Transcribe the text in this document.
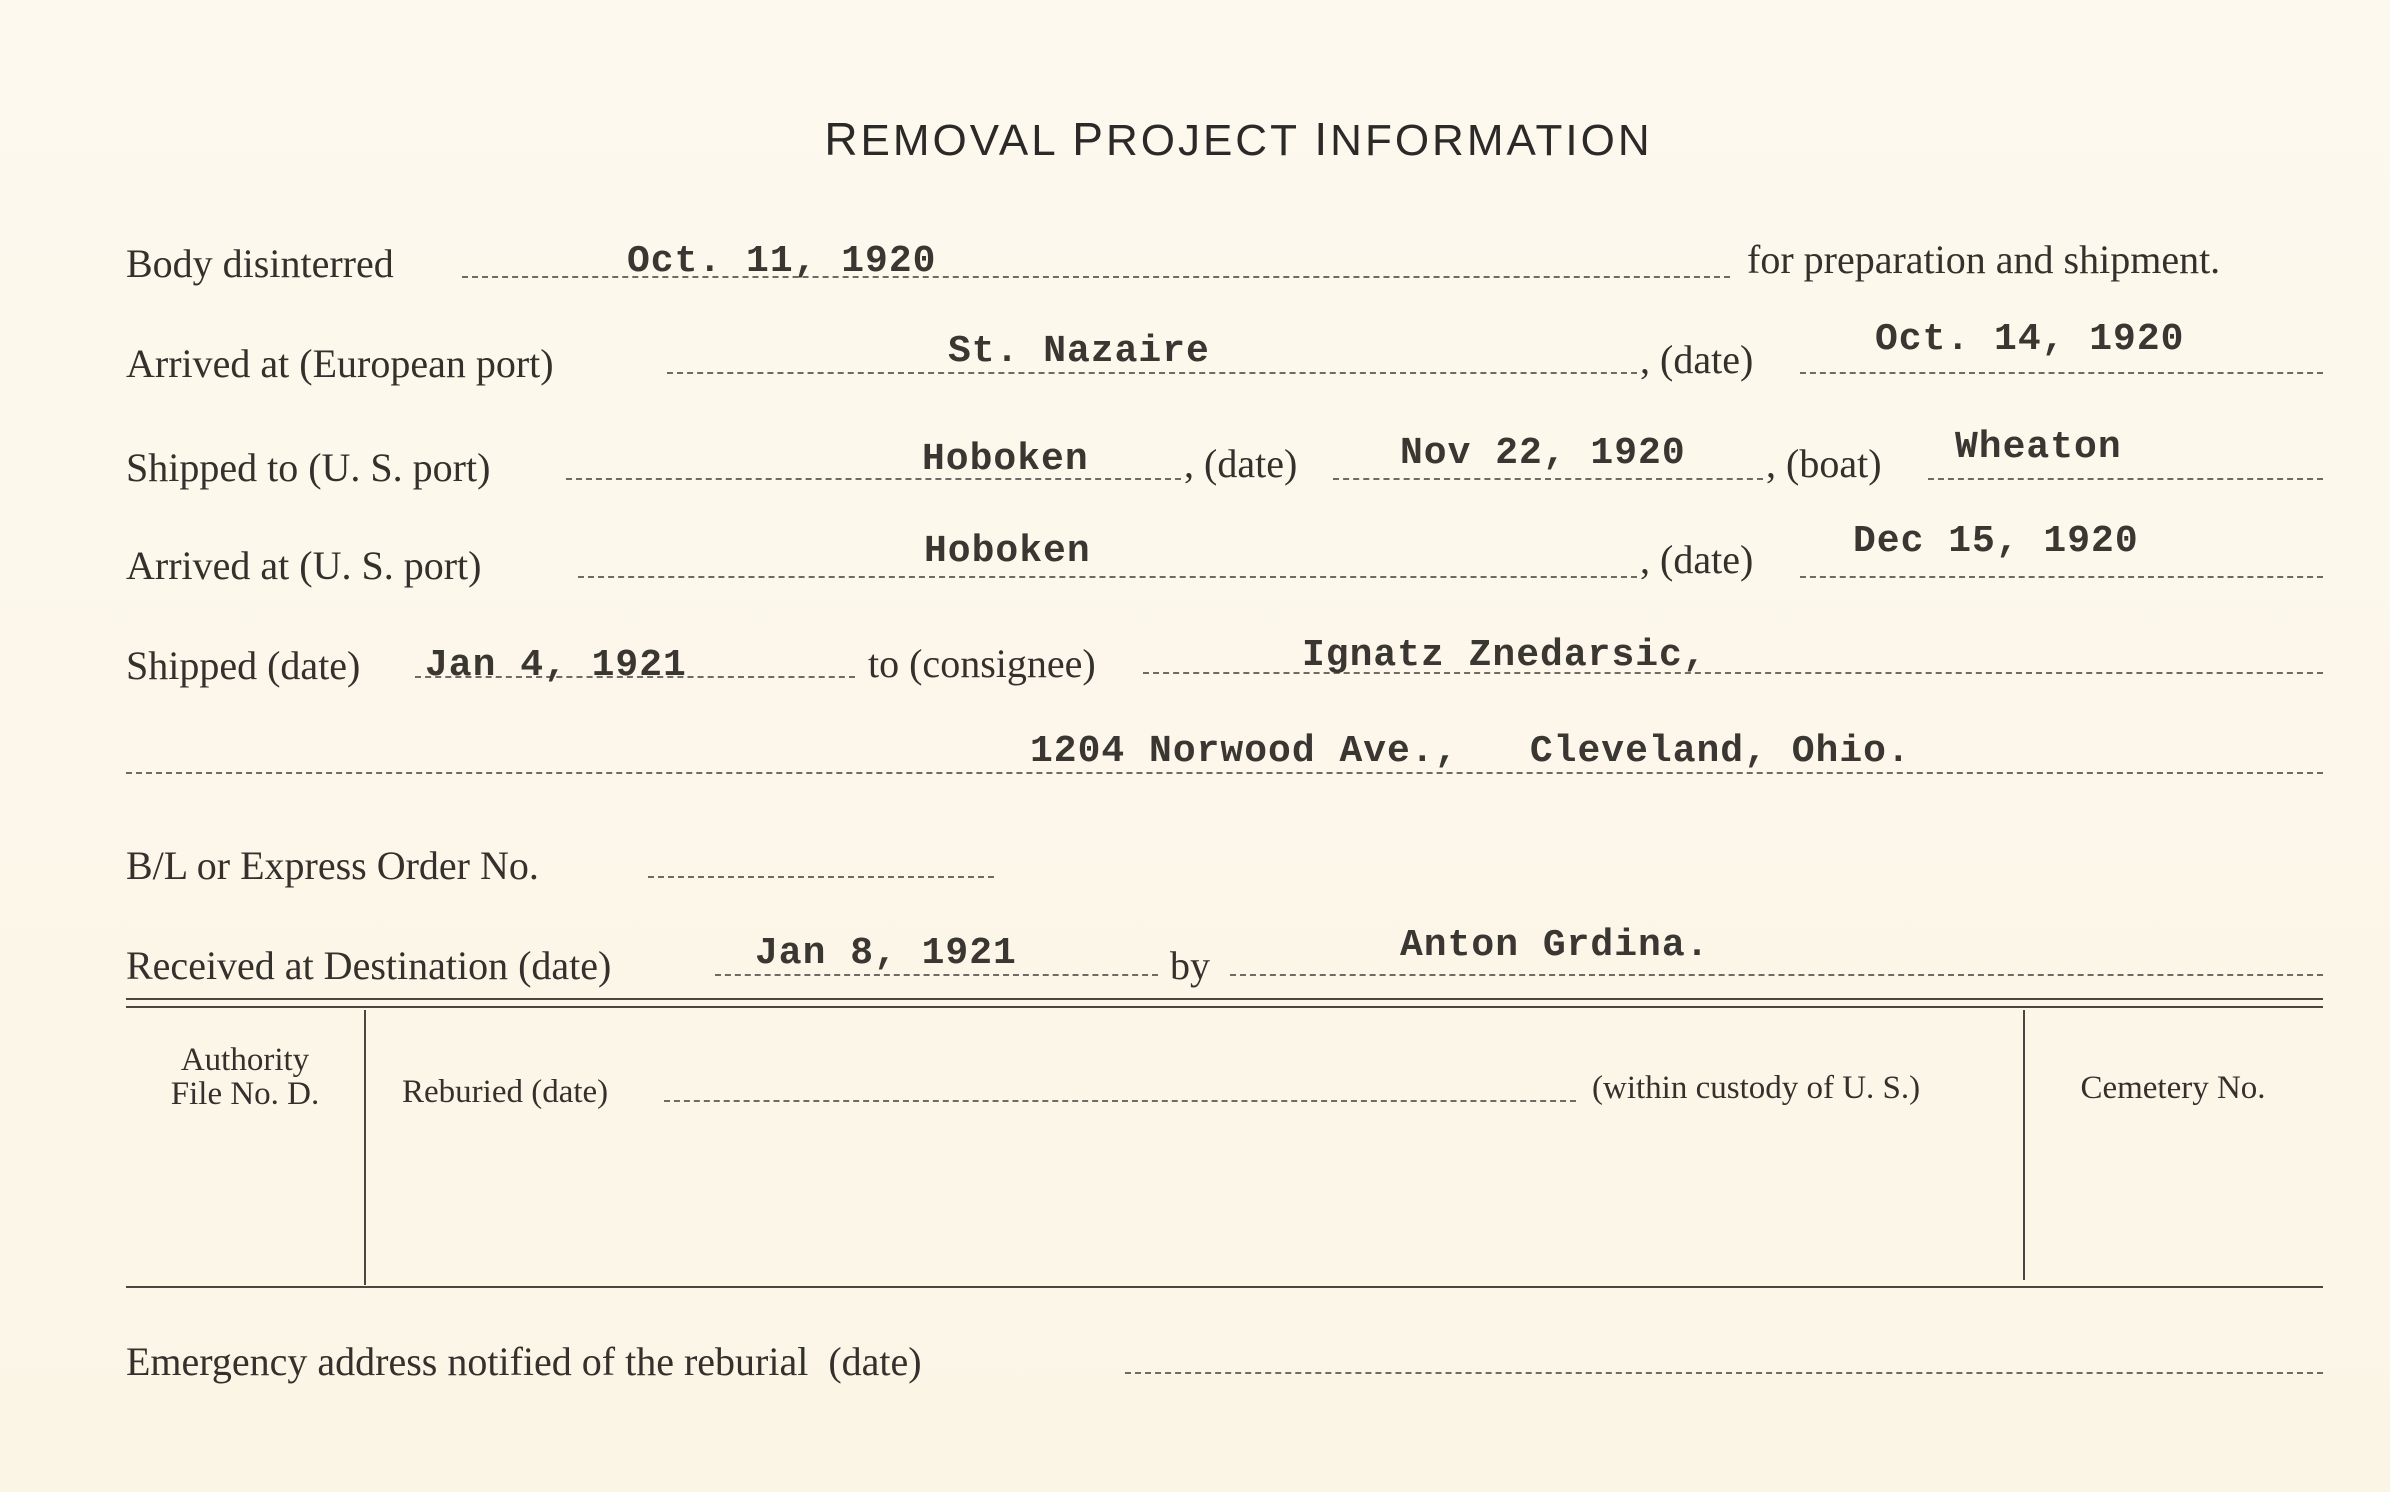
REMOVAL PROJECT INFORMATION
Body disinterred	Oct. 11, 1920	for preparation and shipment.
Arrived at (European port)	St. Nazaire	, (date)	Oct. 14, 1920
Shipped to (U. S. port)	Hoboken , (date)	Nov 22, 1920 , (boat) Wheaton
Arrived at (U. S. port)	Hoboken	, (date)	Dec 15, 1920
Shipped (date) Jan 4, 1921	to (consignee)	Ignatz Znedarsic,
1204 Norwood Ave.,   Cleveland, Ohio.
B/L or Express Order No.
Received at Destination (date)	Jan 8, 1921	by	Anton Grdina.
Authority
File No. D.	Reburied (date)	(within custody of U. S.)	Cemetery No.
Emergency address notified of the reburial  (date)
